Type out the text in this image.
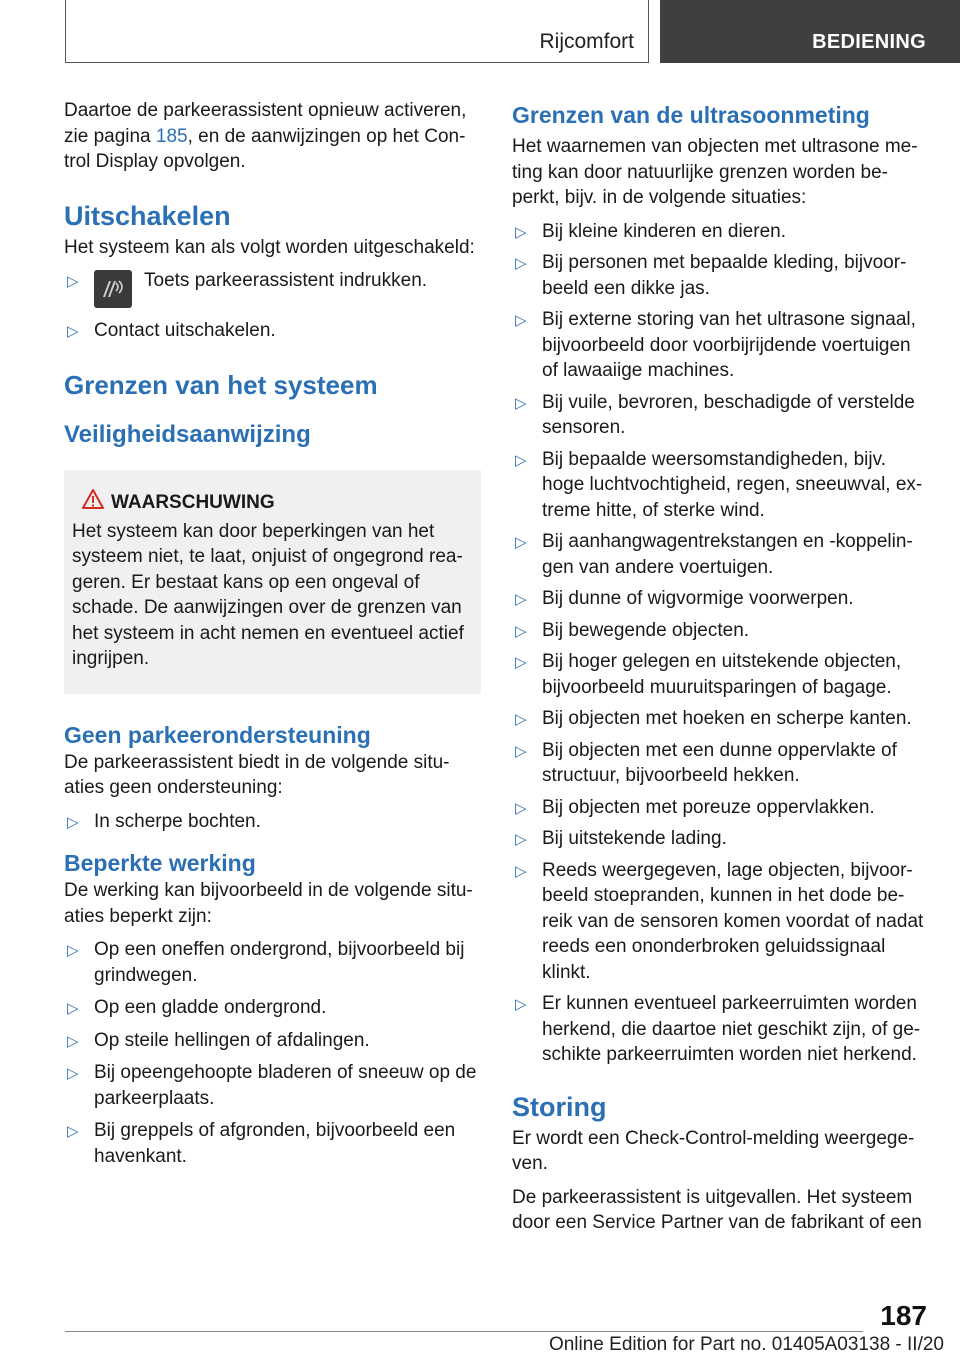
Rijcomfort	BEDIENING

Daartoe de parkeerassistent opnieuw activeren, zie pagina 185, en de aanwijzingen op het Con-trol Display opvolgen.

Uitschakelen

Het systeem kan als volgt worden uitgeschakeld:

▷	Toets parkeerassistent indrukken.
▷ Contact uitschakelen.
Grenzen van het systeem
Veiligheidsaanwijzing
WAARSCHUWING

Het systeem kan door beperkingen van het systeem niet, te laat, onjuist of ongegrond rea-geren. Er bestaat kans op een ongeval of schade. De aanwijzingen over de grenzen van het systeem in acht nemen en eventueel actief ingrijpen.

Geen parkeerondersteuning

De parkeerassistent biedt in de volgende situ-aties geen ondersteuning:

▷ In scherpe bochten.
Beperkte werking

De werking kan bijvoorbeeld in de volgende situ-aties beperkt zijn:

▷ Op een oneffen ondergrond, bijvoorbeeld bij grindwegen.
▷ Op een gladde ondergrond.
▷ Op steile hellingen of afdalingen.
▷ Bij opeengehoopte bladeren of sneeuw op de parkeerplaats.
▷ Bij greppels of afgronden, bijvoorbeeld een havenkant.
Grenzen van de ultrasoonmeting

Het waarnemen van objecten met ultrasone me-ting kan door natuurlijke grenzen worden be-perkt, bijv. in de volgende situaties:

▷ Bij kleine kinderen en dieren.
▷ Bij personen met bepaalde kleding, bijvoor-beeld een dikke jas.
▷ Bij externe storing van het ultrasone signaal, bijvoorbeeld door voorbijrijdende voertuigen of lawaaiige machines.
▷ Bij vuile, bevroren, beschadigde of verstelde sensoren.
▷ Bij bepaalde weersomstandigheden, bijv. hoge luchtvochtigheid, regen, sneeuwval, ex-treme hitte, of sterke wind.
▷ Bij aanhangwagentrekstangen en -koppelin-gen van andere voertuigen.
▷ Bij dunne of wigvormige voorwerpen.
▷ Bij bewegende objecten.
▷ Bij hoger gelegen en uitstekende objecten, bijvoorbeeld muuruitsparingen of bagage.
▷ Bij objecten met hoeken en scherpe kanten.
▷ Bij objecten met een dunne oppervlakte of structuur, bijvoorbeeld hekken.
▷ Bij objecten met poreuze oppervlakken.
▷ Bij uitstekende lading.
▷ Reeds weergegeven, lage objecten, bijvoor-beeld stoepranden, kunnen in het dode be-reik van de sensoren komen voordat of nadat reeds een ononderbroken geluidssignaal klinkt.
▷ Er kunnen eventueel parkeerruimten worden herkend, die daartoe niet geschikt zijn, of ge-schikte parkeerruimten worden niet herkend.
Storing

Er wordt een Check-Control-melding weergege-ven.

De parkeerassistent is uitgevallen. Het systeem door een Service Partner van de fabrikant of een

187
Online Edition for Part no. 01405A03138 - II/20
